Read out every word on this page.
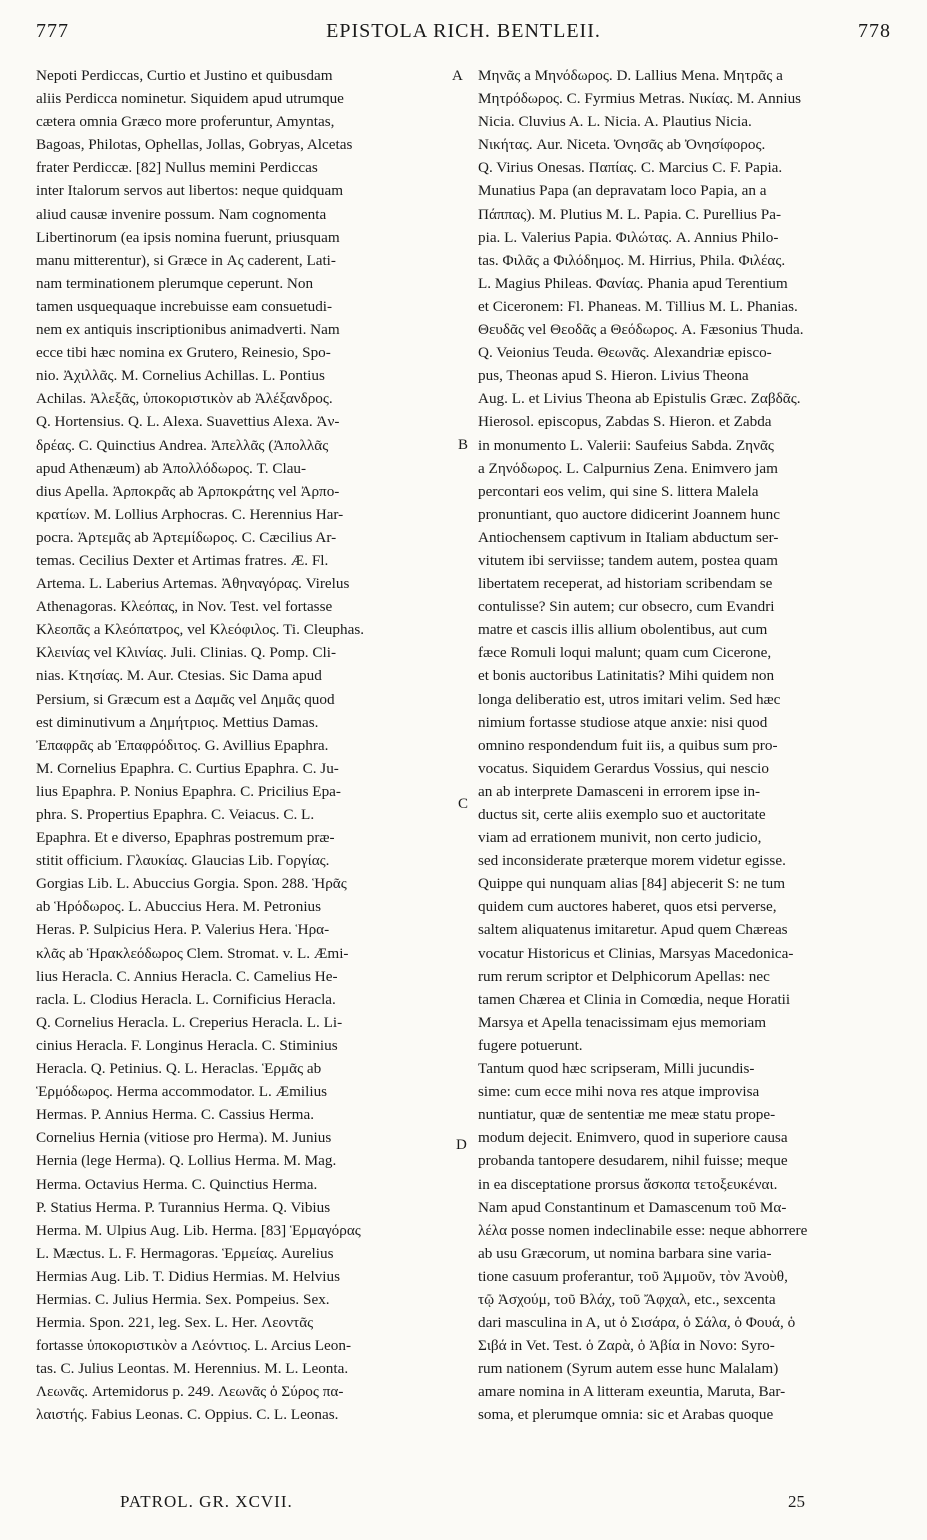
777	EPISTOLA RICH. BENTLEII.	778
A
B
C
D
Nepoti Perdiccas, Curtio et Justino et quibusdam
aliis Perdicca nominetur. Siquidem apud utrumque
cætera omnia Græco more proferuntur, Amyntas,
Bagoas, Philotas, Ophellas, Jollas, Gobryas, Alcetas
frater Perdiccæ. [82] Nullus memini Perdiccas
inter Italorum servos aut libertos: neque quidquam
aliud causæ invenire possum. Nam cognomenta
Libertinorum (ea ipsis nomina fuerunt, priusquam
manu mitterentur), si Græce in Ας caderent, Lati-
nam terminationem plerumque ceperunt. Non
tamen usquequaque increbuisse eam consuetudi-
nem ex antiquis inscriptionibus animadverti. Nam
ecce tibi hæc nomina ex Grutero, Reinesio, Spo-
nio. Ἀχιλλᾶς. M. Cornelius Achillas. L. Pontius
Achilas. Ἀλεξᾶς, ὑποκοριστικὸν ab Ἀλέξανδρος.
Q. Hortensius. Q. L. Alexa. Suavettius Alexa. Ἀν-
δρέας. C. Quinctius Andrea. Ἀπελλᾶς (Ἀπολλᾶς
apud Athenæum) ab Ἀπολλόδωρος. T. Clau-
dius Apella. Ἀρποκρᾶς ab Ἀρποκράτης vel Ἀρπο-
κρατίων. M. Lollius Arphocras. C. Herennius Har-
pocra. Ἀρτεμᾶς ab Ἀρτεμίδωρος. C. Cæcilius Ar-
temas. Cecilius Dexter et Artimas fratres. Æ. Fl.
Artema. L. Laberius Artemas. Ἀθηναγόρας. Virelus
Athenagoras. Κλεόπας, in Nov. Test. vel fortasse
Κλεοπᾶς a Κλεόπατρος, vel Κλεόφιλος. Ti. Cleuphas.
Κλεινίας vel Κλινίας. Juli. Clinias. Q. Pomp. Cli-
nias. Κτησίας. M. Aur. Ctesias. Sic Dama apud
Persium, si Græcum est a Δαμᾶς vel Δημᾶς quod
est diminutivum a Δημήτριος. Mettius Damas.
Ἐπαφρᾶς ab Ἐπαφρόδιτος. G. Avillius Epaphra.
M. Cornelius Epaphra. C. Curtius Epaphra. C. Ju-
lius Epaphra. P. Nonius Epaphra. C. Pricilius Epa-
phra. S. Propertius Epaphra. C. Veiacus. C. L.
Epaphra. Et e diverso, Epaphras postremum præ-
stitit officium. Γλαυκίας. Glaucias Lib. Γοργίας.
Gorgias Lib. L. Abuccius Gorgia. Spon. 288. Ἡρᾶς
ab Ἡρόδωρος. L. Abuccius Hera. M. Petronius
Heras. P. Sulpicius Hera. P. Valerius Hera. Ἡρα-
κλᾶς ab Ἡρακλεόδωρος Clem. Stromat. v. L. Æmi-
lius Heracla. C. Annius Heracla. C. Camelius He-
racla. L. Clodius Heracla. L. Cornificius Heracla.
Q. Cornelius Heracla. L. Creperius Heracla. L. Li-
cinius Heracla. F. Longinus Heracla. C. Stiminius
Heracla. Q. Petinius. Q. L. Heraclas. Ἑρμᾶς ab
Ἑρμόδωρος. Herma accommodator. L. Æmilius
Hermas. P. Annius Herma. C. Cassius Herma.
Cornelius Hernia (vitiose pro Herma). M. Junius
Hernia (lege Herma). Q. Lollius Herma. M. Mag.
Herma. Octavius Herma. C. Quinctius Herma.
P. Statius Herma. P. Turannius Herma. Q. Vibius
Herma. M. Ulpius Aug. Lib. Herma. [83] Ἑρμαγόρας
L. Mæctus. L. F. Hermagoras. Ἑρμείας. Aurelius
Hermias Aug. Lib. T. Didius Hermias. M. Helvius
Hermias. C. Julius Hermia. Sex. Pompeius. Sex.
Hermia. Spon. 221, leg. Sex. L. Her. Λεοντᾶς
fortasse ὑποκοριστικὸν a Λεόντιος. L. Arcius Leon-
tas. C. Julius Leontas. M. Herennius. M. L. Leonta.
Λεωνᾶς. Artemidorus p. 249. Λεωνᾶς ὁ Σύρος πα-
λαιστής. Fabius Leonas. C. Oppius. C. L. Leonas.
Μηνᾶς a Μηνόδωρος. D. Lallius Mena. Μητρᾶς a
Μητρόδωρος. C. Fyrmius Metras. Νικίας. M. Annius
Nicia. Cluvius A. L. Nicia. A. Plautius Nicia.
Νικήτας. Aur. Niceta. Ὀνησᾶς ab Ὀνησίφορος.
Q. Virius Onesas. Παπίας. C. Marcius C. F. Papia.
Munatius Papa (an depravatam loco Papia, an a
Πάππας). M. Plutius M. L. Papia. C. Purellius Pa-
pia. L. Valerius Papia. Φιλώτας. A. Annius Philo-
tas. Φιλᾶς a Φιλόδημος. M. Hirrius, Phila. Φιλέας.
L. Magius Phileas. Φανίας. Phania apud Terentium
et Ciceronem: Fl. Phaneas. M. Tillius M. L. Phanias.
Θευδᾶς vel Θεοδᾶς a Θεόδωρος. A. Fæsonius Thuda.
Q. Veionius Teuda. Θεωνᾶς. Alexandriæ episco-
pus, Theonas apud S. Hieron. Livius Theona
Aug. L. et Livius Theona ab Epistulis Græc. Ζαβδᾶς.
Hierosol. episcopus, Zabdas S. Hieron. et Zabda
in monumento L. Valerii: Saufeius Sabda. Ζηνᾶς
a Ζηνόδωρος. L. Calpurnius Zena. Enimvero jam
percontari eos velim, qui sine S. littera Malela
pronuntiant, quo auctore didicerint Joannem hunc
Antiochensem captivum in Italiam abductum ser-
vitutem ibi serviisse; tandem autem, postea quam
libertatem receperat, ad historiam scribendam se
contulisse? Sin autem; cur obsecro, cum Evandri
matre et cascis illis allium obolentibus, aut cum
fæce Romuli loqui malunt; quam cum Cicerone,
et bonis auctoribus Latinitatis? Mihi quidem non
longa deliberatio est, utros imitari velim. Sed hæc
nimium fortasse studiose atque anxie: nisi quod
omnino respondendum fuit iis, a quibus sum pro-
vocatus. Siquidem Gerardus Vossius, qui nescio
an ab interprete Damasceni in errorem ipse in-
ductus sit, certe aliis exemplo suo et auctoritate
viam ad errationem munivit, non certo judicio,
sed inconsiderate præterque morem videtur egisse.
Quippe qui nunquam alias [84] abjecerit S: ne tum
quidem cum auctores haberet, quos etsi perverse,
saltem aliquatenus imitaretur. Apud quem Chæreas
vocatur Historicus et Clinias, Marsyas Macedonica-
rum rerum scriptor et Delphicorum Apellas: nec
tamen Chærea et Clinia in Comœdia, neque Horatii
Marsya et Apella tenacissimam ejus memoriam
fugere potuerunt.
Tantum quod hæc scripseram, Milli jucundis-
sime: cum ecce mihi nova res atque improvisa
nuntiatur, quæ de sententiæ me meæ statu prope-
modum dejecit. Enimvero, quod in superiore causa
probanda tantopere desudarem, nihil fuisse; meque
in ea disceptatione prorsus ἄσκοπα τετοξευκέναι.
Nam apud Constantinum et Damascenum τοῦ Μα-
λέλα posse nomen indeclinabile esse: neque abhorrere
ab usu Græcorum, ut nomina barbara sine varia-
tione casuum proferantur, τοῦ Ἀμμοῦν, τὸν Ἀνοὺθ,
τῷ Ἀσχούμ, τοῦ Βλάχ, τοῦ Ἄφχαλ, etc., sexcenta
dari masculina in A, ut ὁ Σισάρα, ὁ Σάλα, ὁ Φουά, ὁ
Σιβά in Vet. Test. ὁ Ζαρὰ, ὁ Ἀβία in Novo: Syro-
rum nationem (Syrum autem esse hunc Malalam)
amare nomina in A litteram exeuntia, Maruta, Bar-
soma, et plerumque omnia: sic et Arabas quoque
PATROL. GR. XCVII.	25
